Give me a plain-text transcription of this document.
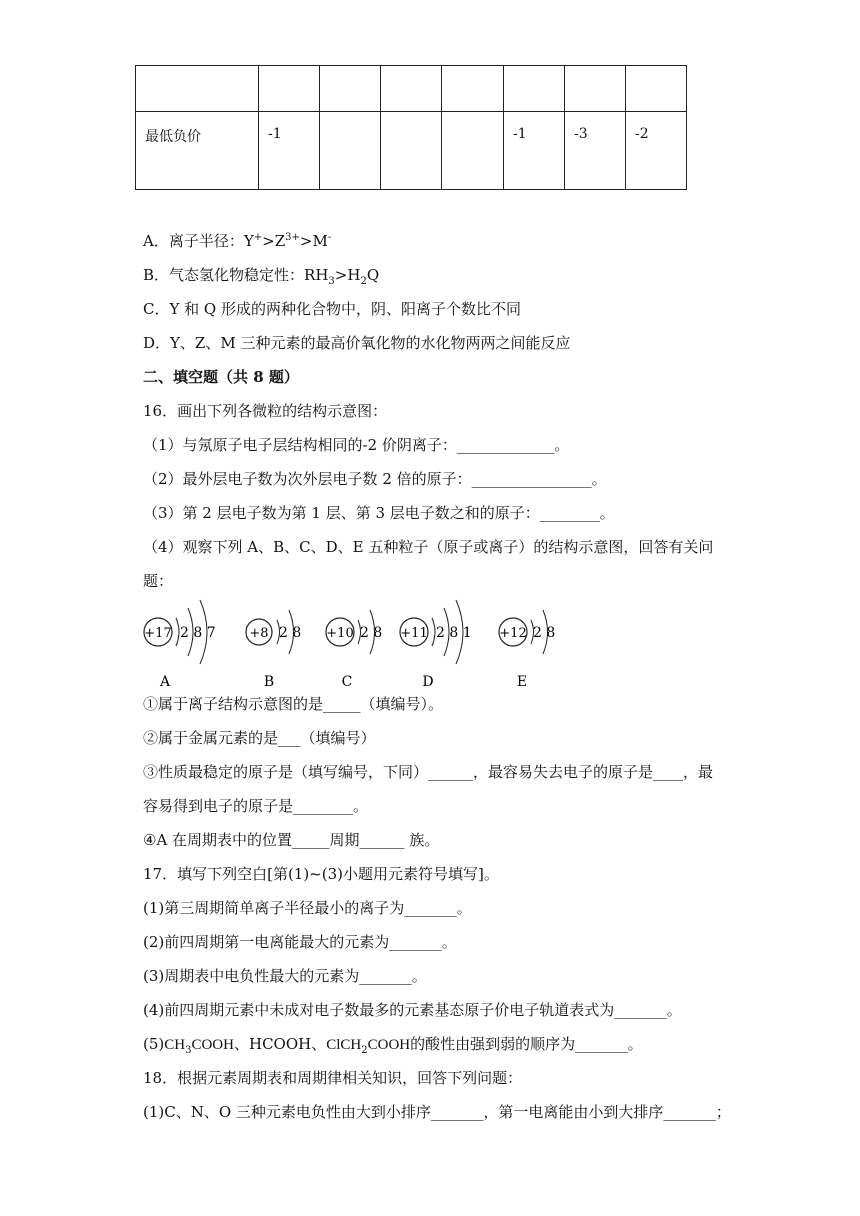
最低负价	-1				-1	-3	-2
A．离子半径：$Y^+>Z^{3+}>M^-$
B．气态氢化物稳定性：$RH_3>H_2Q$
C．Y 和 Q 形成的两种化合物中，阴、阳离子个数比不同
D．Y、Z、M 三种元素的最高价氧化物的水化物两两之间能反应
二、填空题（共 8 题）
16．画出下列各微粒的结构示意图：
（1）与氖原子电子层结构相同的-2 价阴离子：_____________。
（2）最外层电子数为次外层电子数 2 倍的原子：________________。
（3）第 2 层电子数为第 1 层、第 3 层电子数之和的原子：________。
（4）观察下列 A、B、C、D、E 五种粒子（原子或离子）的结构示意图，回答有关问
题：
+17 2 8 7
A
+8 2 8
B
+10 2 8
C
+11 2 8 1
D
+12 2 8
E
①属于离子结构示意图的是_____（填编号）。
②属于金属元素的是___（填编号）
③性质最稳定的原子是（填写编号，下同）______，最容易失去电子的原子是____，最
容易得到电子的原子是________。
④A 在周期表中的位置_____周期______ 族。
17．填写下列空白[第(1)~(3)小题用元素符号填写]。
(1)第三周期简单离子半径最小的离子为_______。
(2)前四周期第一电离能最大的元素为_______。
(3)周期表中电负性最大的元素为_______。
(4)前四周期元素中未成对电子数最多的元素基态原子价电子轨道表式为_______。
$(5)CH_3COOH$、HCOOH、ClCH$_2$COOH的酸性由强到弱的顺序为_______。
18．根据元素周期表和周期律相关知识，回答下列问题：
(1)C、N、O 三种元素电负性由大到小排序_______，第一电离能由小到大排序_______；
